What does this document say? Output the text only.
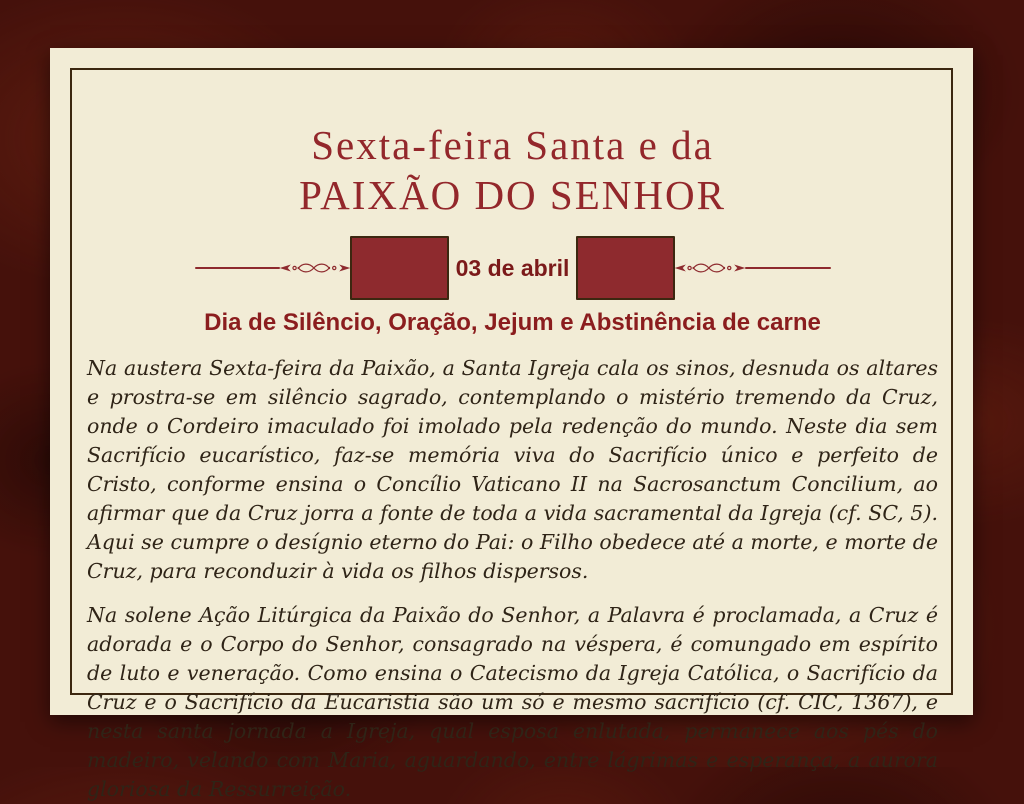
Sexta-feira Santa e da
PAIXÃO DO SENHOR
03 de abril
Dia de Silêncio, Oração, Jejum e Abstinência de carne

Na austera Sexta-feira da Paixão, a Santa Igreja cala os sinos, desnuda os altares e prostra-se em silêncio sagrado, contemplando o mistério tremendo da Cruz, onde o Cordeiro imaculado foi imolado pela redenção do mundo. Neste dia sem Sacrifício eucarístico, faz-se memória viva do Sacrifício único e perfeito de Cristo, conforme ensina o Concílio Vaticano II na Sacrosanctum Concilium, ao afirmar que da Cruz jorra a fonte de toda a vida sacramental da Igreja (cf. SC, 5). Aqui se cumpre o desígnio eterno do Pai: o Filho obedece até a morte, e morte de Cruz, para reconduzir à vida os filhos dispersos.

Na solene Ação Litúrgica da Paixão do Senhor, a Palavra é proclamada, a Cruz é adorada e o Corpo do Senhor, consagrado na véspera, é comungado em espírito de luto e veneração. Como ensina o Catecismo da Igreja Católica, o Sacrifício da Cruz e o Sacrifício da Eucaristia são um só e mesmo sacrifício (cf. CIC, 1367), e nesta santa jornada a Igreja, qual esposa enlutada, permanece aos pés do madeiro, velando com Maria, aguardando, entre lágrimas e esperança, a aurora gloriosa da Ressurreição.
